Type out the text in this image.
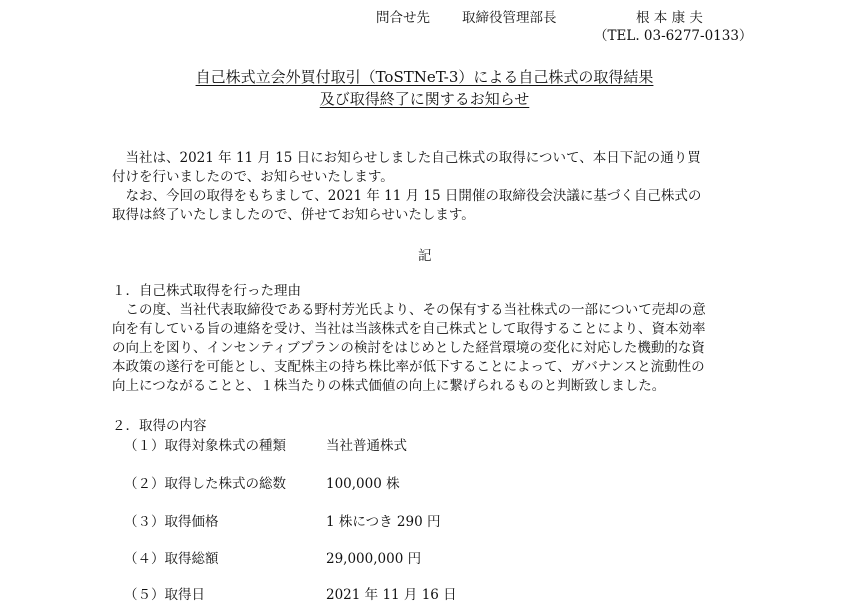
問合せ先 取締役管理部長	根 本 康 夫
（TEL. 03-6277-0133）
自己株式立会外買付取引（ToSTNeT-3）による自己株式の取得結果
及び取得終了に関するお知らせ
　当社は、2021 年 11 月 15 日にお知らせしました自己株式の取得について、本日下記の通り買
付けを行いましたので、お知らせいたします。
　なお、今回の取得をもちまして、2021 年 11 月 15 日開催の取締役会決議に基づく自己株式の
取得は終了いたしましたので、併せてお知らせいたします。
記
１．自己株式取得を行った理由
　この度、当社代表取締役である野村芳光氏より、その保有する当社株式の一部について売却の意
向を有している旨の連絡を受け、当社は当該株式を自己株式として取得することにより、資本効率
の向上を図り、インセンティブプランの検討をはじめとした経営環境の変化に対応した機動的な資
本政策の遂行を可能とし、支配株主の持ち株比率が低下することによって、ガバナンスと流動性の
向上につながることと、１株当たりの株式価値の向上に繋げられるものと判断致しました。
２．取得の内容
（１）取得対象株式の種類	当社普通株式
（２）取得した株式の総数	100,000 株
（３）取得価格	1 株につき 290 円
（４）取得総額	29,000,000 円
（５）取得日	2021 年 11 月 16 日
